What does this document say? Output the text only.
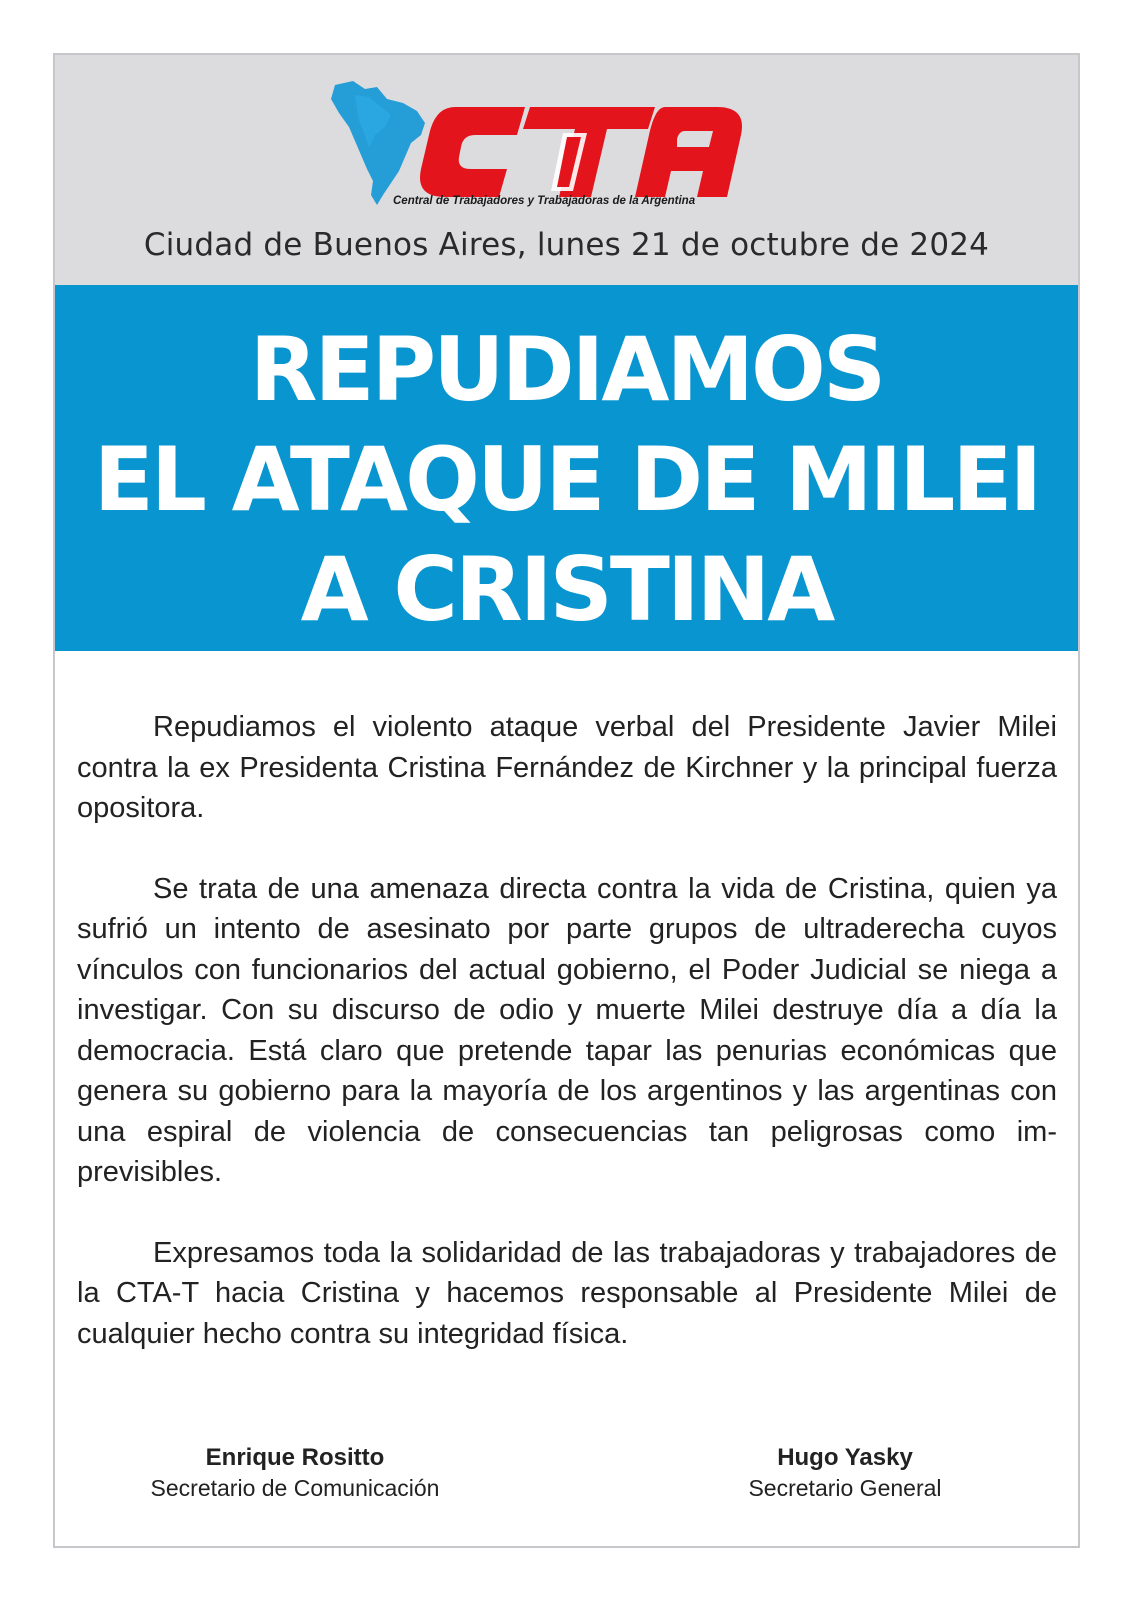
Central de Trabajadores y Trabajadoras de la Argentina
Ciudad de Buenos Aires, lunes 21 de octubre de 2024
REPUDIAMOS
EL ATAQUE DE MILEI
A CRISTINA

Repudiamos el violento ataque verbal del Presidente Javier Milei contra la ex Presidenta Cristina Fernández de Kirchner y la principal fuerza opositora.

Se trata de una amenaza directa contra la vida de Cristina, quien ya sufrió un intento de asesinato por parte grupos de ultraderecha cuyos vínculos con funcionarios del actual gobierno, el Poder Judicial se niega a investigar. Con su discurso de odio y muerte Milei destruye día a día la democracia. Está claro que pretende tapar las penurias económicas que genera su gobierno para la mayoría de los argentinos y las argentinas con una espiral de violencia de consecuencias tan peligrosas como imprevisibles.

Expresamos toda la solidaridad de las trabajadoras y trabajadores de la CTA-T hacia Cristina y hacemos responsable al Presidente Milei de cualquier hecho contra su integridad física.

Enrique Rositto
Secretario de Comunicación
Hugo Yasky
Secretario General
